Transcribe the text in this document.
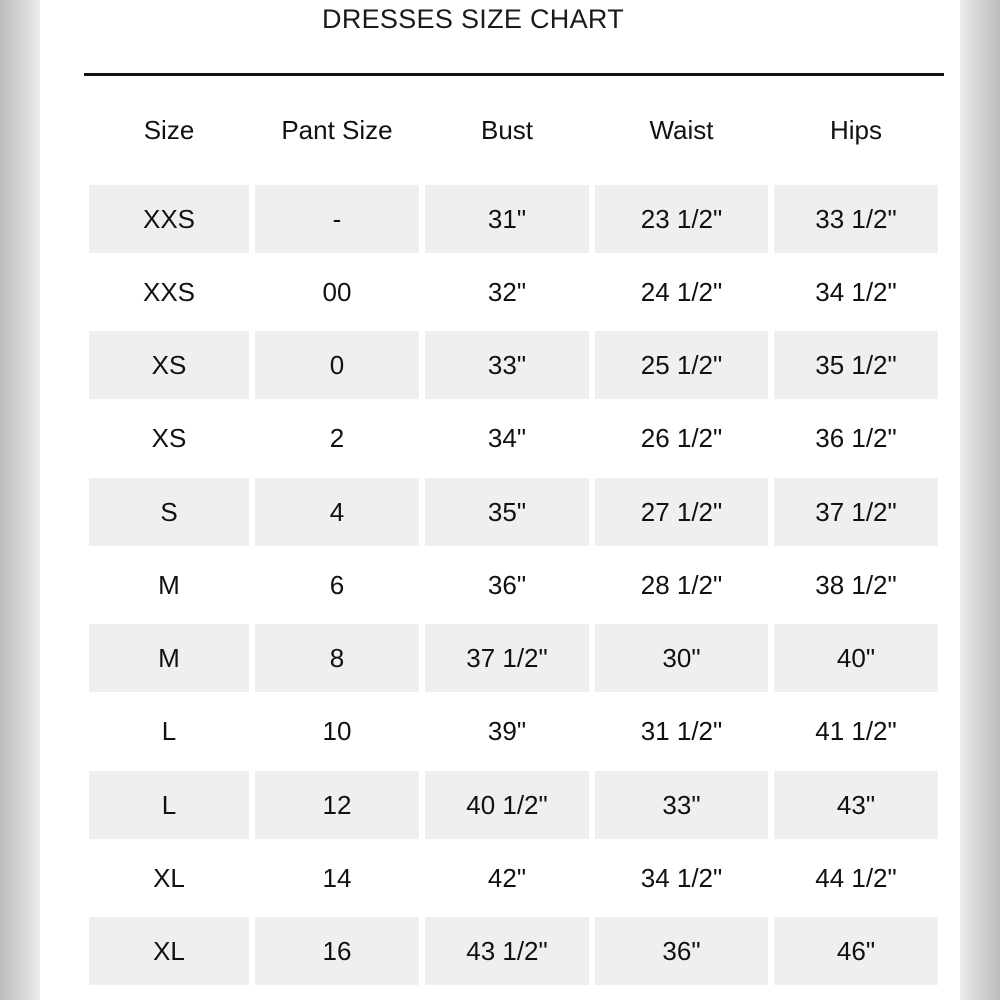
DRESSES SIZE CHART
Size	Pant Size	Bust	Waist	Hips
XXS	-	31"	23 1/2"	33 1/2"
XXS	00	32"	24 1/2"	34 1/2"
XS	0	33"	25 1/2"	35 1/2"
XS	2	34"	26 1/2"	36 1/2"
S	4	35"	27 1/2"	37 1/2"
M	6	36"	28 1/2"	38 1/2"
M	8	37 1/2"	30"	40"
L	10	39"	31 1/2"	41 1/2"
L	12	40 1/2"	33"	43"
XL	14	42"	34 1/2"	44 1/2"
XL	16	43 1/2"	36"	46"
